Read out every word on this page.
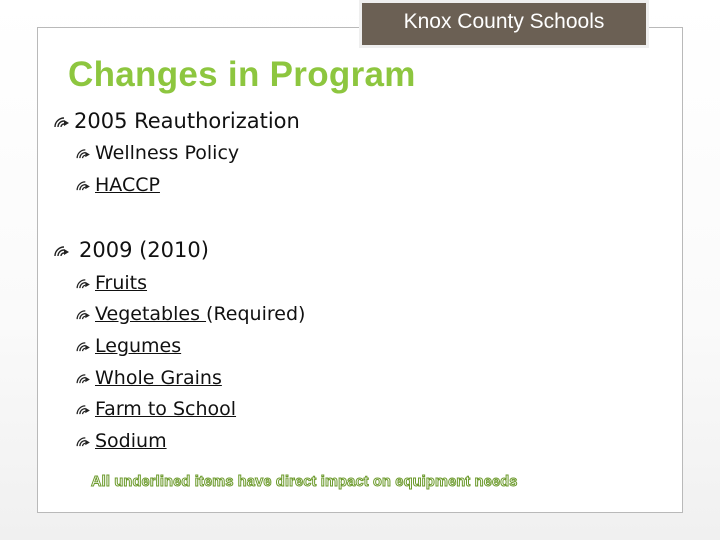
Knox County Schools
Changes in Program
2005 Reauthorization
Wellness Policy
HACCP
2009 (2010)
Fruits
Vegetables (Required)
Legumes
Whole Grains
Farm to School
Sodium
All underlined items have direct impact on equipment needs
